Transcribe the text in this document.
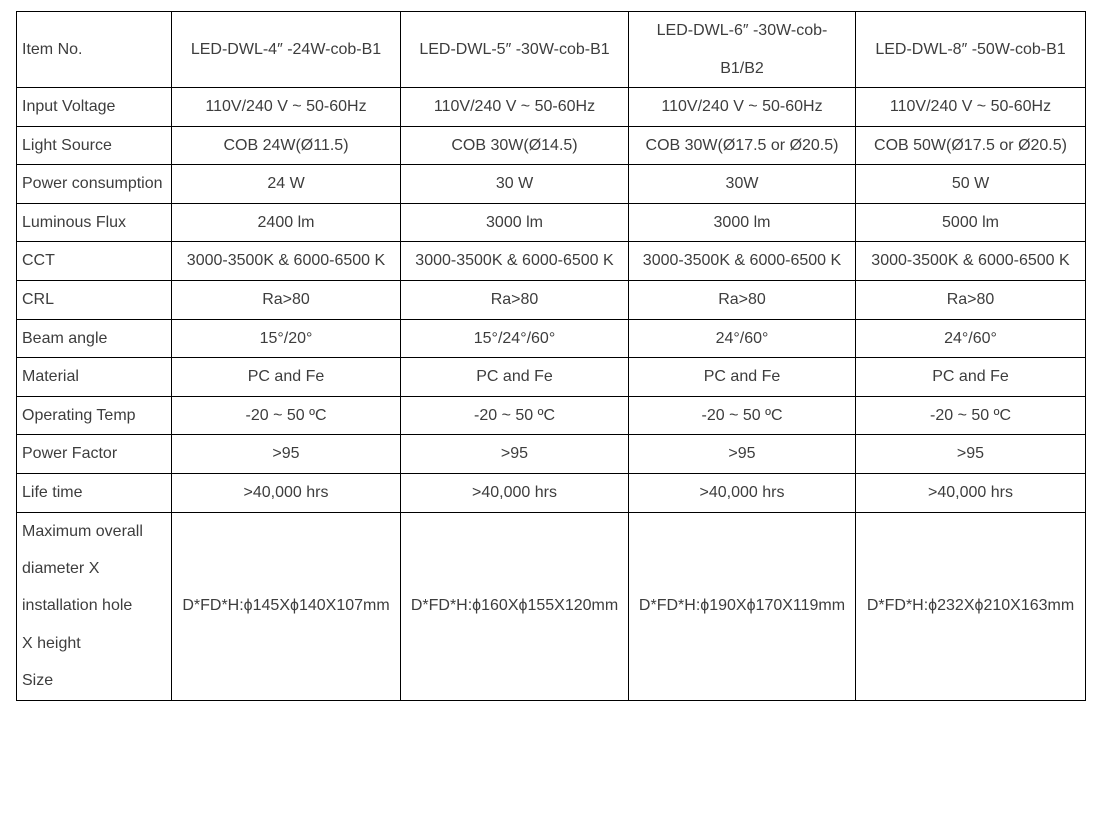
Item No.	LED-DWL-4″ -24W-cob-B1	LED-DWL-5″ -30W-cob-B1	LED-DWL-6″ -30W-cob-B1/B2	LED-DWL-8″ -50W-cob-B1
Input Voltage	110V/240 V ~ 50-60Hz	110V/240 V ~ 50-60Hz	110V/240 V ~ 50-60Hz	110V/240 V ~ 50-60Hz
Light Source	COB 24W(Ø11.5)	COB 30W(Ø14.5)	COB 30W(Ø17.5 or Ø20.5)	COB 50W(Ø17.5 or Ø20.5)
Power consumption	24 W	30 W	30W	50 W
Luminous Flux	2400 lm	3000 lm	3000 lm	5000 lm
CCT	3000-3500K & 6000-6500 K	3000-3500K & 6000-6500 K	3000-3500K & 6000-6500 K	3000-3500K & 6000-6500 K
CRL	Ra>80	Ra>80	Ra>80	Ra>80
Beam angle	15°/20°	15°/24°/60°	24°/60°	24°/60°
Material	PC and Fe	PC and Fe	PC and Fe	PC and Fe
Operating Temp	-20 ~ 50 ºC	-20 ~ 50 ºC	-20 ~ 50 ºC	-20 ~ 50 ºC
Power Factor	>95	>95	>95	>95
Life time	>40,000 hrs	>40,000 hrs	>40,000 hrs	>40,000 hrs

Maximum overall
diameter X
installation hole
X height
Size	D*FD*H:ϕ145Xϕ140X107mm	D*FD*H:ϕ160Xϕ155X120mm	D*FD*H:ϕ190Xϕ170X119mm	D*FD*H:ϕ232Xϕ210X163mm
